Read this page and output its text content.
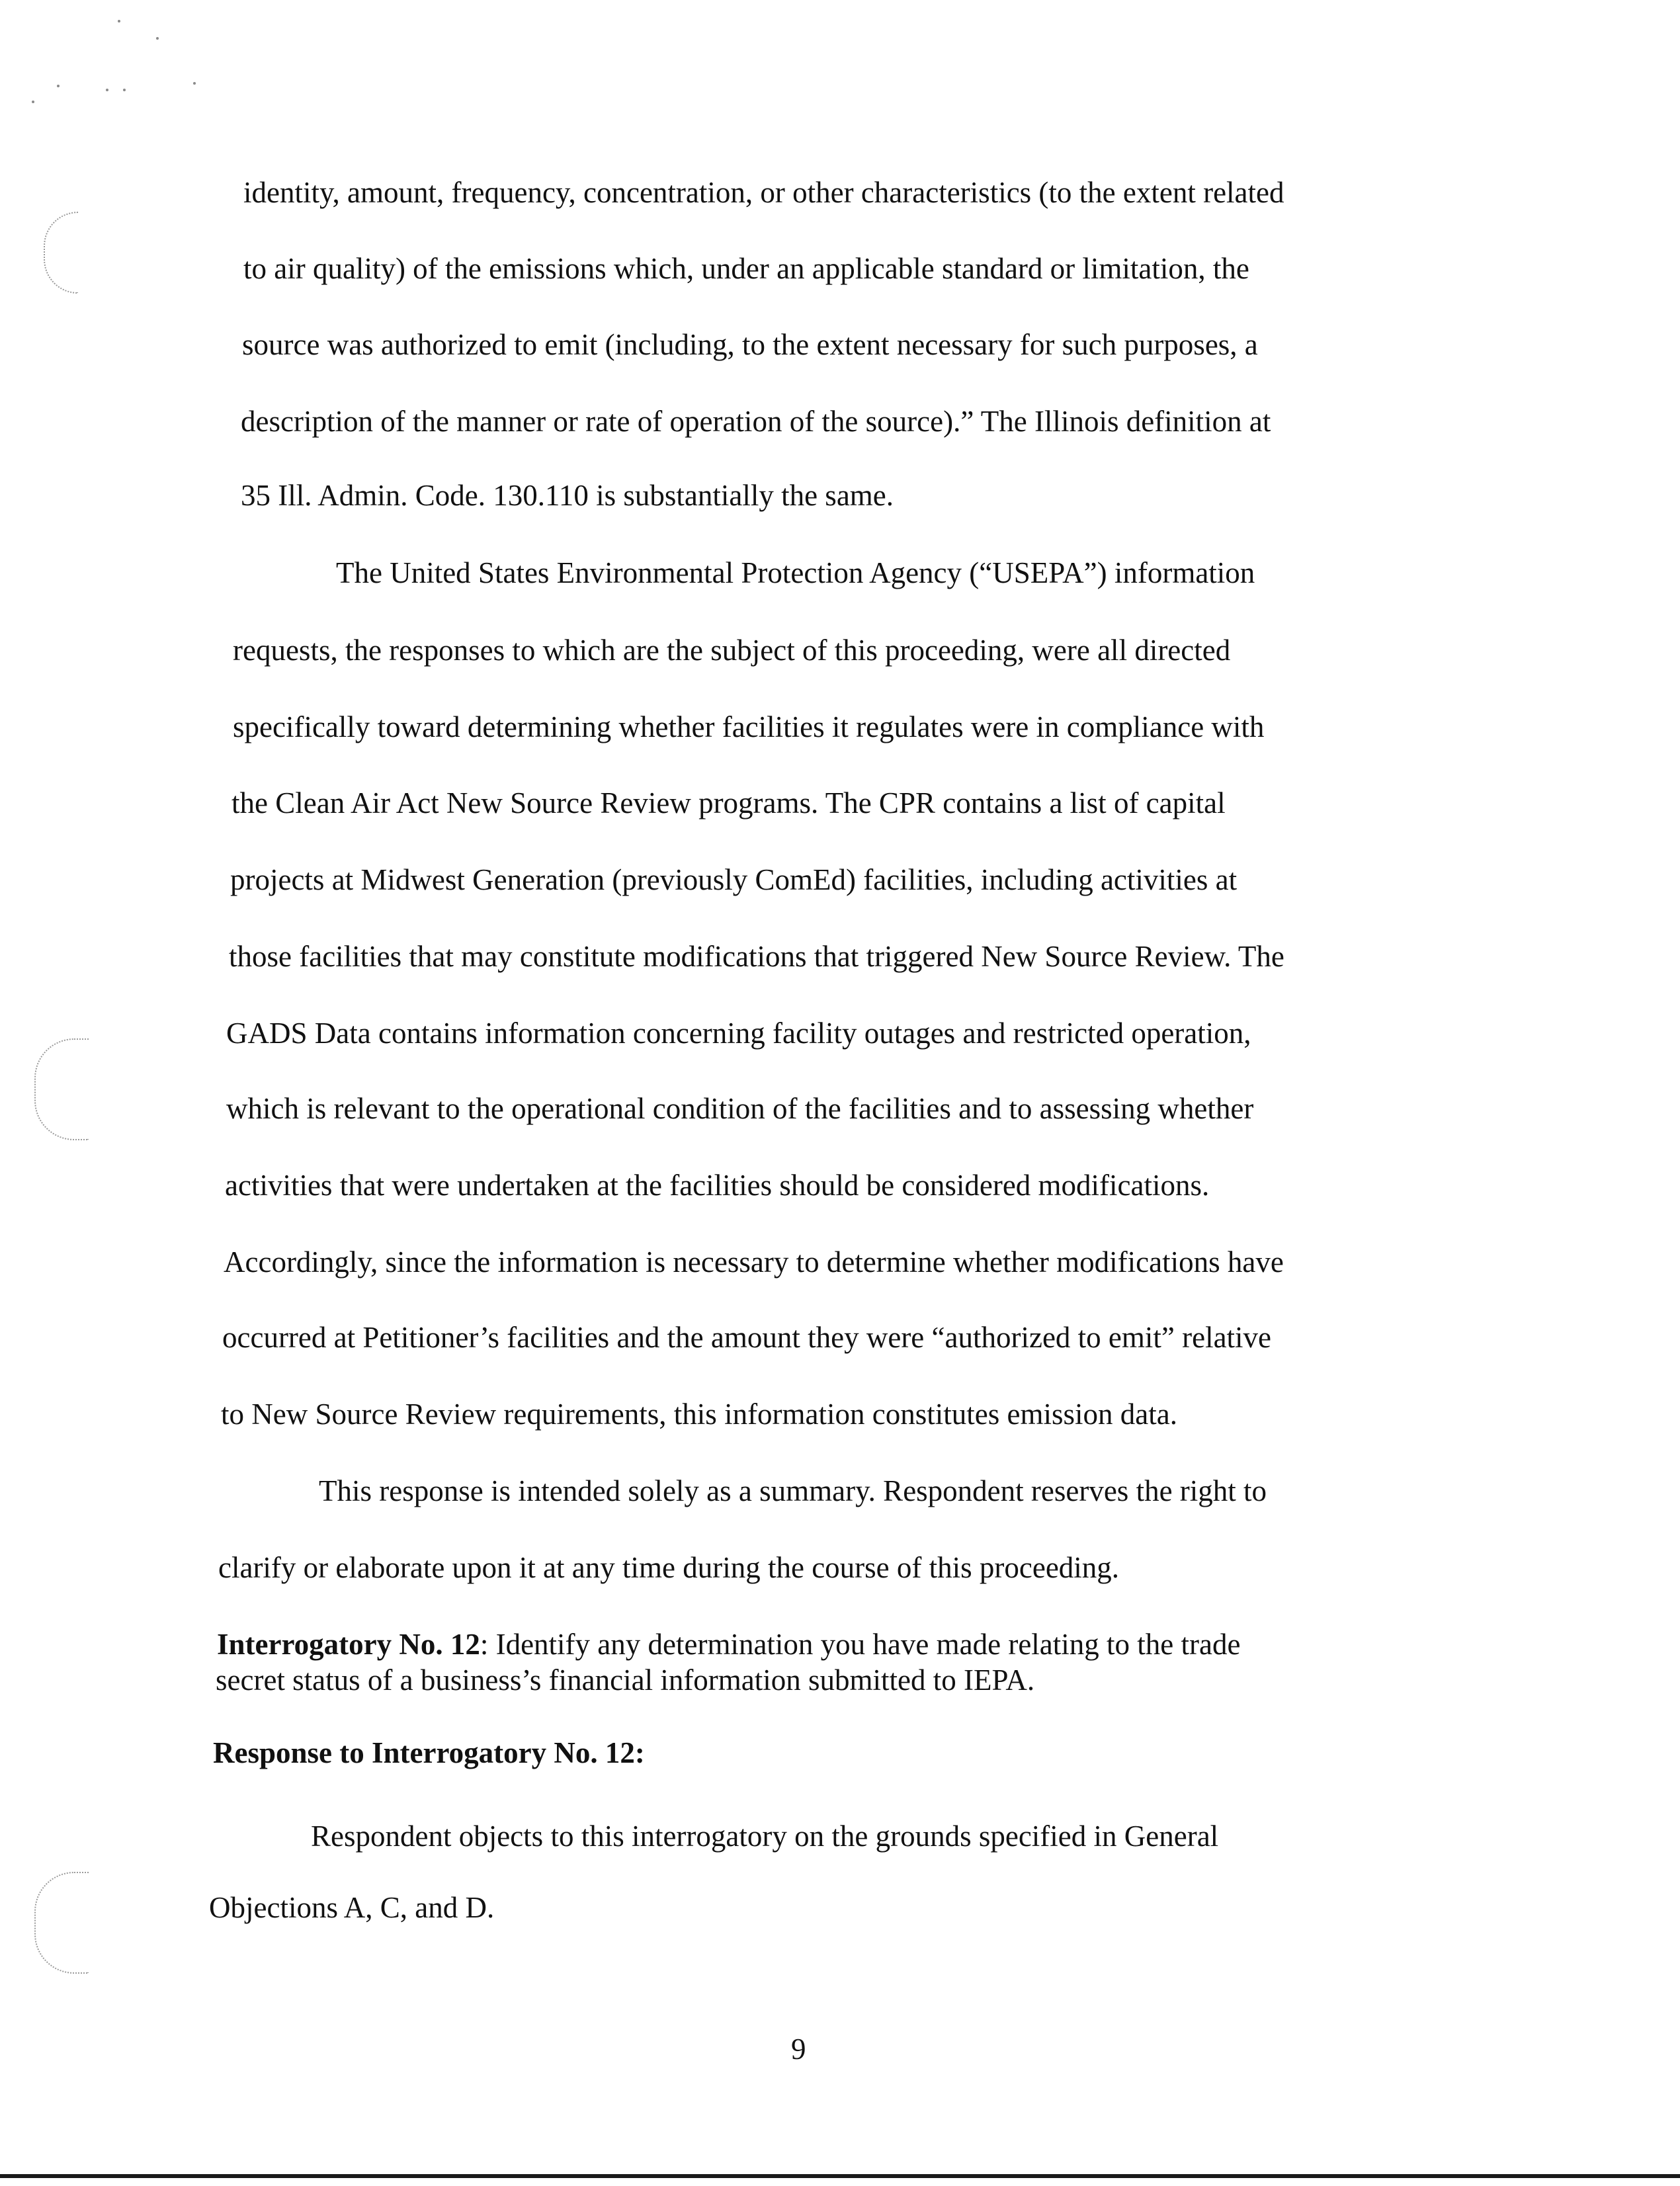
identity, amount, frequency, concentration, or other characteristics (to the extent related
to air quality) of the emissions which, under an applicable standard or limitation, the
source was authorized to emit (including, to the extent necessary for such purposes, a
description of the manner or rate of operation of the source).” The Illinois definition at
35 Ill. Admin. Code. 130.110 is substantially the same.
The United States Environmental Protection Agency (“USEPA”) information
requests, the responses to which are the subject of this proceeding, were all directed
specifically toward determining whether facilities it regulates were in compliance with
the Clean Air Act New Source Review programs. The CPR contains a list of capital
projects at Midwest Generation (previously ComEd) facilities, including activities at
those facilities that may constitute modifications that triggered New Source Review. The
GADS Data contains information concerning facility outages and restricted operation,
which is relevant to the operational condition of the facilities and to assessing whether
activities that were undertaken at the facilities should be considered modifications.
Accordingly, since the information is necessary to determine whether modifications have
occurred at Petitioner’s facilities and the amount they were “authorized to emit” relative
to New Source Review requirements, this information constitutes emission data.
This response is intended solely as a summary. Respondent reserves the right to
clarify or elaborate upon it at any time during the course of this proceeding.
Interrogatory No. 12: Identify any determination you have made relating to the trade
secret status of a business’s financial information submitted to IEPA.
Response to Interrogatory No. 12:
Respondent objects to this interrogatory on the grounds specified in General
Objections A, C, and D.
9
